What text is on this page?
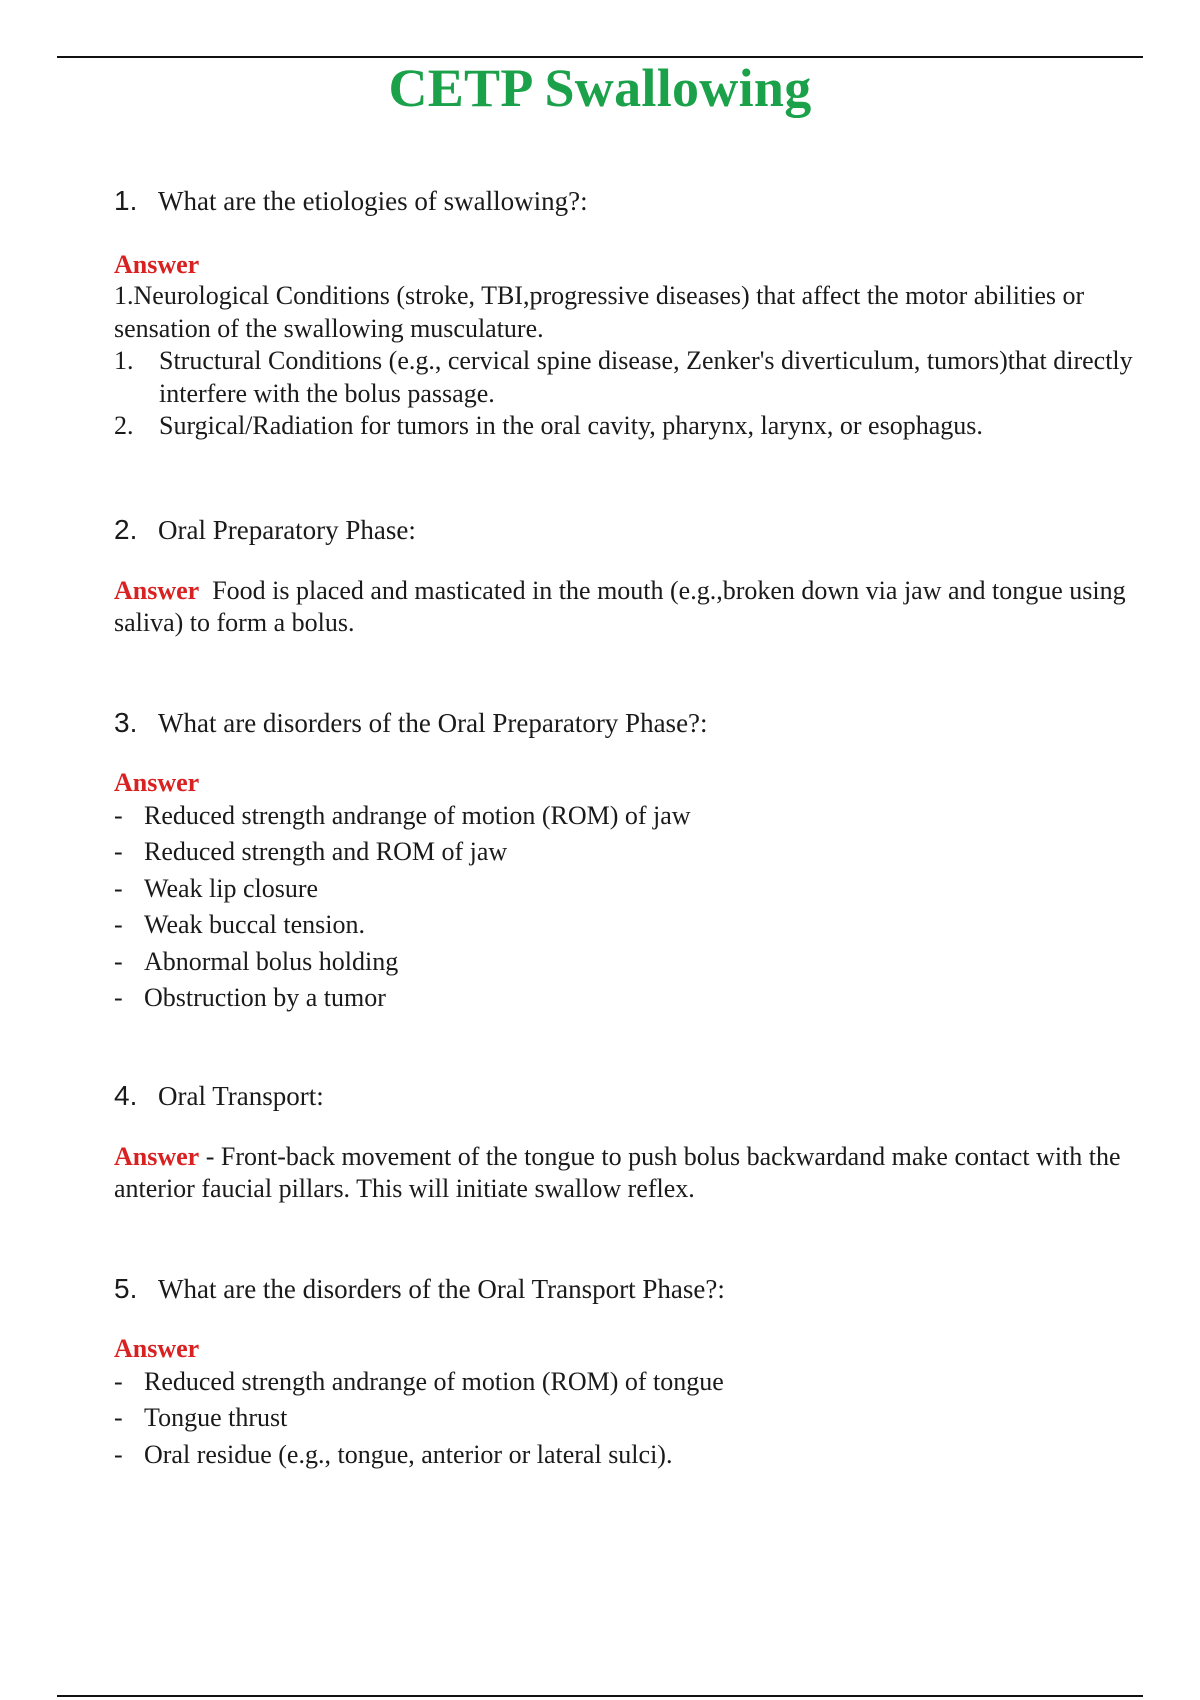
CETP Swallowing
1. What are the etiologies of swallowing?:
Answer
1.Neurological Conditions (stroke, TBI,progressive diseases) that affect the motor abilities or sensation of the swallowing musculature.
1. Structural Conditions (e.g., cervical spine disease, Zenker's diverticulum, tumors)that directly interfere with the bolus passage.
2. Surgical/Radiation for tumors in the oral cavity, pharynx, larynx, or esophagus.
2. Oral Preparatory Phase:
Answer Food is placed and masticated in the mouth (e.g.,broken down via jaw and tongue using saliva) to form a bolus.
3. What are disorders of the Oral Preparatory Phase?:
Answer
- Reduced strength andrange of motion (ROM) of jaw
- Reduced strength and ROM of jaw
- Weak lip closure
- Weak buccal tension.
- Abnormal bolus holding
- Obstruction by a tumor
4. Oral Transport:
Answer - Front-back movement of the tongue to push bolus backwardand make contact with the anterior faucial pillars. This will initiate swallow reflex.
5. What are the disorders of the Oral Transport Phase?:
Answer
- Reduced strength andrange of motion (ROM) of tongue
- Tongue thrust
- Oral residue (e.g., tongue, anterior or lateral sulci).
